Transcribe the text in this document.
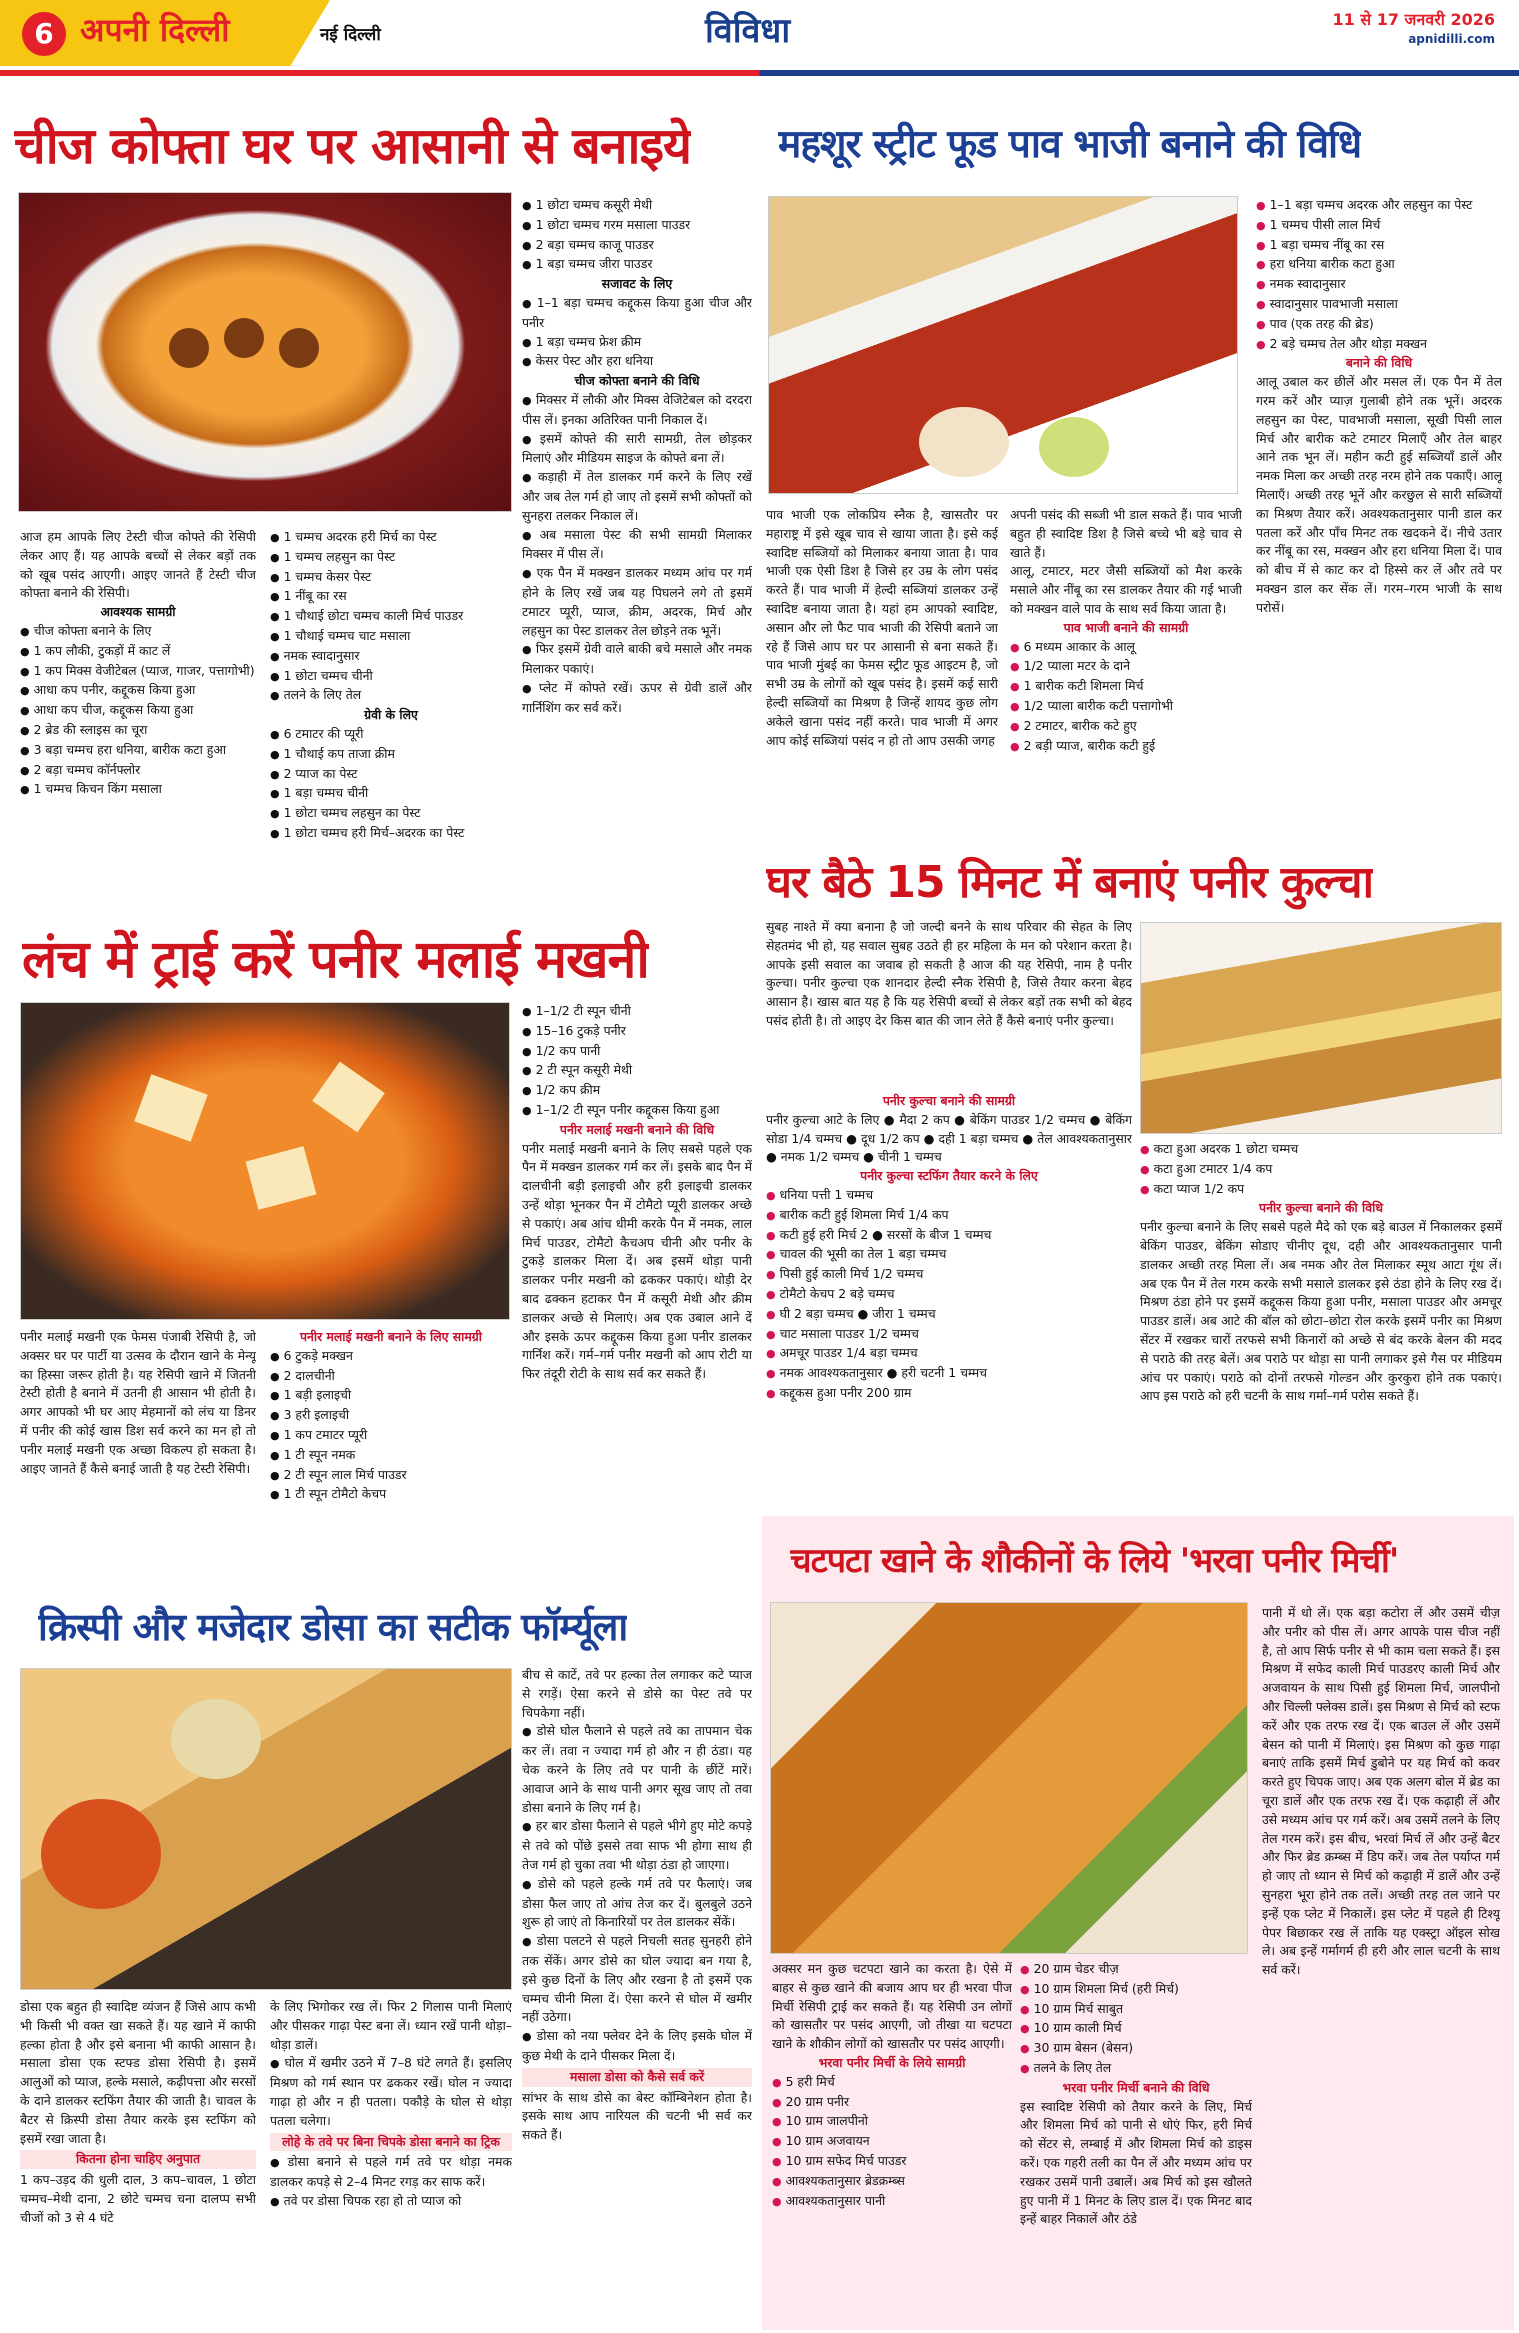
6 अपनी दिल्ली	नई दिल्ली	विविधा	11 से 17 जनवरी 2026
apnidilli.com
चीज कोफ्ता घर पर आसानी से बनाइये

आज हम आपके लिए टेस्टी चीज कोफ्ते की रेसिपी लेकर आए हैं। यह आपके बच्चों से लेकर बड़ों तक को खूब पसंद आएगी। आइए जानते हैं टेस्टी चीज कोफ्ता बनाने की रेसिपी।

आवश्यक सामग्री

● चीज कोफ्ता बनाने के लिए
● 1 कप लौकी, टुकड़ों में काट लें
● 1 कप मिक्स वेजीटेबल (प्याज, गाजर, पत्तागोभी)
● आधा कप पनीर, कद्दूकस किया हुआ
● आधा कप चीज, कद्दूकस किया हुआ
● 2 ब्रेड की स्लाइस का चूरा
● 3 बड़ा चम्मच हरा धनिया, बारीक कटा हुआ
● 2 बड़ा चम्मच कॉर्नफ्लोर
● 1 चम्मच किचन किंग मसाला
● 1 चम्मच अदरक हरी मिर्च का पेस्ट
● 1 चम्मच लहसुन का पेस्ट
● 1 चम्मच केसर पेस्ट
● 1 नींबू का रस
● 1 चौथाई छोटा चम्मच काली मिर्च पाउडर
● 1 चौथाई चम्मच चाट मसाला
● नमक स्वादानुसार
● 1 छोटा चम्मच चीनी
● तलने के लिए तेल

ग्रेवी के लिए

● 6 टमाटर की प्यूरी
● 1 चौथाई कप ताजा क्रीम
● 2 प्याज का पेस्ट
● 1 बड़ा चम्मच चीनी
● 1 छोटा चम्मच लहसुन का पेस्ट
● 1 छोटा चम्मच हरी मिर्च–अदरक का पेस्ट
● 1 छोटा चम्मच कसूरी मेथी
● 1 छोटा चम्मच गरम मसाला पाउडर
● 2 बड़ा चम्मच काजू पाउडर
● 1 बड़ा चम्मच जीरा पाउडर

सजावट के लिए

● 1–1 बड़ा चम्मच कद्दूकस किया हुआ चीज और पनीर
● 1 बड़ा चम्मच फ्रेश क्रीम
● केसर पेस्ट और हरा धनिया

चीज कोफ्ता बनाने की विधि

● मिक्सर में लौकी और मिक्स वेजिटेबल को दरदरा पीस लें। इनका अतिरिक्त पानी निकाल दें।
● इसमें कोफ्ते की सारी सामग्री, तेल छोड़कर मिलाएं और मीडियम साइज के कोफ्ते बना लें।
● कड़ाही में तेल डालकर गर्म करने के लिए रखें और जब तेल गर्म हो जाए तो इसमें सभी कोफ्तों को सुनहरा तलकर निकाल लें।
● अब मसाला पेस्ट की सभी सामग्री मिलाकर मिक्सर में पीस लें।
● एक पैन में मक्खन डालकर मध्यम आंच पर गर्म होने के लिए रखें जब यह पिघलने लगे तो इसमें टमाटर प्यूरी, प्याज, क्रीम, अदरक, मिर्च और लहसुन का पेस्ट डालकर तेल छोड़ने तक भूनें।
● फिर इसमें ग्रेवी वाले बाकी बचे मसाले और नमक मिलाकर पकाएं।
● प्लेट में कोफ्ते रखें। ऊपर से ग्रेवी डालें और गार्निशिंग कर सर्व करें।
महशूर स्ट्रीट फूड पाव भाजी बनाने की विधि

पाव भाजी एक लोकप्रिय स्नैक है, खासतौर पर महाराष्ट्र में इसे खूब चाव से खाया जाता है। इसे कई स्वादिष्ट सब्जियों को मिलाकर बनाया जाता है। पाव भाजी एक ऐसी डिश है जिसे हर उम्र के लोग पसंद करते हैं। पाव भाजी में हेल्दी सब्जियां डालकर उन्हें स्वादिष्ट बनाया जाता है। यहां हम आपको स्वादिष्ट, असान और लो फैट पाव भाजी की रेसिपी बताने जा रहे हैं जिसे आप घर पर आसानी से बना सकते हैं। पाव भाजी मुंबई का फेमस स्ट्रीट फूड आइटम है, जो सभी उम्र के लोगों को खूब पसंद है। इसमें कई सारी हेल्दी सब्जियों का मिश्रण है जिन्हें शायद कुछ लोग अकेले खाना पसंद नहीं करते। पाव भाजी में अगर आप कोई सब्जियां पसंद न हो तो आप उसकी जगह

अपनी पसंद की सब्जी भी डाल सकते हैं। पाव भाजी बहुत ही स्वादिष्ट डिश है जिसे बच्चे भी बड़े चाव से खाते हैं।

आलू, टमाटर, मटर जैसी सब्जियों को मैश करके मसाले और नींबू का रस डालकर तैयार की गई भाजी को मक्खन वाले पाव के साथ सर्व किया जाता है।

पाव भाजी बनाने की सामग्री

● 6 मध्यम आकार के आलू
● 1/2 प्याला मटर के दाने
● 1 बारीक कटी शिमला मिर्च
● 1/2 प्याला बारीक कटी पत्तागोभी
● 2 टमाटर, बारीक कटे हुए
● 2 बड़ी प्याज, बारीक कटी हुई
● 1–1 बड़ा चम्मच अदरक और लहसुन का पेस्ट
● 1 चम्मच पीसी लाल मिर्च
● 1 बड़ा चम्मच नींबू का रस
● हरा धनिया बारीक कटा हुआ
● नमक स्वादानुसार
● स्वादानुसार पावभाजी मसाला
● पाव (एक तरह की ब्रेड)
● 2 बड़े चम्मच तेल और थोड़ा मक्खन

बनाने की विधि

आलू उबाल कर छीलें और मसल लें। एक पैन में तेल गरम करें और प्याज़ गुलाबी होने तक भूनें। अदरक लहसुन का पेस्ट, पावभाजी मसाला, सूखी पिसी लाल मिर्च और बारीक कटे टमाटर मिलाएँ और तेल बाहर आने तक भून लें। महीन कटी हुई सब्जियाँ डालें और नमक मिला कर अच्छी तरह नरम होने तक पकाएँ। आलू मिलाएँ। अच्छी तरह भूनें और करछुल से सारी सब्जियों का मिश्रण तैयार करें। अवश्यकतानुसार पानी डाल कर पतला करें और पाँच मिनट तक खदकने दें। नीचे उतार कर नींबू का रस, मक्खन और हरा धनिया मिला दें। पाव को बीच में से काट कर दो हिस्से कर लें और तवे पर मक्खन डाल कर सेंक लें। गरम–गरम भाजी के साथ परोसें।

लंच में ट्राई करें पनीर मलाई मखनी

पनीर मलाई मखनी एक फेमस पंजाबी रेसिपी है, जो अक्सर घर पर पार्टी या उत्सव के दौरान खाने के मेन्यू का हिस्सा जरूर होती है। यह रेसिपी खाने में जितनी टेस्टी होती है बनाने में उतनी ही आसान भी होती है। अगर आपको भी घर आए मेहमानों को लंच या डिनर में पनीर की कोई खास डिश सर्व करने का मन हो तो पनीर मलाई मखनी एक अच्छा विकल्प हो सकता है। आइए जानते हैं कैसे बनाई जाती है यह टेस्टी रेसिपी।

पनीर मलाई मखनी बनाने के लिए सामग्री

● 6 टुकड़े मक्खन
● 2 दालचीनी
● 1 बड़ी इलाइची
● 3 हरी इलाइची
● 1 कप टमाटर प्यूरी
● 1 टी स्पून नमक
● 2 टी स्पून लाल मिर्च पाउडर
● 1 टी स्पून टोमैटो केचप
● 1–1/2 टी स्पून चीनी
● 15–16 टुकड़े पनीर
● 1/2 कप पानी
● 2 टी स्पून कसूरी मेथी
● 1/2 कप क्रीम
● 1–1/2 टी स्पून पनीर कद्दूकस किया हुआ

पनीर मलाई मखनी बनाने की विधि

पनीर मलाई मखनी बनाने के लिए सबसे पहले एक पैन में मक्खन डालकर गर्म कर लें। इसके बाद पैन में दालचीनी बड़ी इलाइची और हरी इलाइची डालकर उन्हें थोड़ा भूनकर पैन में टोमैटो प्यूरी डालकर अच्छे से पकाएं। अब आंच धीमी करके पैन में नमक, लाल मिर्च पाउडर, टोमैटो कैचअप चीनी और पनीर के टुकड़े डालकर मिला दें। अब इसमें थोड़ा पानी डालकर पनीर मखनी को ढककर पकाएं। थोड़ी देर बाद ढक्कन हटाकर पैन में कसूरी मेथी और क्रीम डालकर अच्छे से मिलाएं। अब एक उबाल आने दें और इसके ऊपर कद्दूकस किया हुआ पनीर डालकर गार्निश करें। गर्म–गर्म पनीर मखनी को आप रोटी या फिर तंदूरी रोटी के साथ सर्व कर सकते हैं।

घर बैठे 15 मिनट में बनाएं पनीर कुल्चा

सुबह नाश्ते में क्या बनाना है जो जल्दी बनने के साथ परिवार की सेहत के लिए सेहतमंद भी हो, यह सवाल सुबह उठते ही हर महिला के मन को परेशान करता है। आपके इसी सवाल का जवाब हो सकती है आज की यह रेसिपी, नाम है पनीर कुल्चा। पनीर कुल्चा एक शानदार हेल्दी स्नैक रेसिपी है, जिसे तैयार करना बेहद आसान है। खास बात यह है कि यह रेसिपी बच्चों से लेकर बड़ों तक सभी को बेहद पसंद होती है। तो आइए देर किस बात की जान लेते हैं कैसे बनाएं पनीर कुल्चा।

पनीर कुल्चा बनाने की सामग्री

पनीर कुल्चा आटे के लिए ● मैदा 2 कप ● बेकिंग पाउडर 1/2 चम्मच ● बेकिंग सोडा 1/4 चम्मच ● दूध 1/2 कप ● दही 1 बड़ा चम्मच ● तेल आवश्यकतानुसार ● नमक 1/2 चम्मच ● चीनी 1 चम्मच

पनीर कुल्चा स्टफिंग तैयार करने के लिए

● धनिया पत्ती 1 चम्मच
● बारीक कटी हुई शिमला मिर्च 1/4 कप
● कटी हुई हरी मिर्च 2 ● सरसों के बीज 1 चम्मच
● चावल की भूसी का तेल 1 बड़ा चम्मच
● पिसी हुई काली मिर्च 1/2 चम्मच
● टोमैटो केचप 2 बड़े चम्मच
● घी 2 बड़ा चम्मच ● जीरा 1 चम्मच
● चाट मसाला पाउडर 1/2 चम्मच
● अमचूर पाउडर 1/4 बड़ा चम्मच
● नमक आवश्यकतानुसार ● हरी चटनी 1 चम्मच
● कद्दूकस हुआ पनीर 200 ग्राम
● कटा हुआ अदरक 1 छोटा चम्मच
● कटा हुआ टमाटर 1/4 कप
● कटा प्याज 1/2 कप

पनीर कुल्चा बनाने की विधि

पनीर कुल्चा बनाने के लिए सबसे पहले मैदे को एक बड़े बाउल में निकालकर इसमें बेकिंग पाउडर, बेकिंग सोडाए चीनीए दूध, दही और आवश्यकतानुसार पानी डालकर अच्छी तरह मिला लें। अब नमक और तेल मिलाकर स्मूथ आटा गूंथ लें। अब एक पैन में तेल गरम करके सभी मसाले डालकर इसे ठंडा होने के लिए रख दें। मिश्रण ठंडा होने पर इसमें कद्दूकस किया हुआ पनीर, मसाला पाउडर और अमचूर पाउडर डालें। अब आटे की बॉल को छोटा–छोटा रोल करके इसमें पनीर का मिश्रण सेंटर में रखकर चारों तरफसे सभी किनारों को अच्छे से बंद करके बेलन की मदद से पराठे की तरह बेलें। अब पराठे पर थोड़ा सा पानी लगाकर इसे गैस पर मीडियम आंच पर पकाएं। पराठे को दोनों तरफसे गोल्डन और कुरकुरा होने तक पकाएं। आप इस पराठे को हरी चटनी के साथ गर्मा–गर्म परोस सकते हैं।

क्रिस्पी और मजेदार डोसा का सटीक फॉर्म्यूला

डोसा एक बहुत ही स्वादिष्ट व्यंजन हैं जिसे आप कभी भी किसी भी वक्त खा सकते हैं। यह खाने में काफी हल्का होता है और इसे बनाना भी काफी आसान है। मसाला डोसा एक स्टफ्ड डोसा रेसिपी है। इसमें आलुओं को प्याज, हल्के मसाले, कढ़ीपत्ता और सरसों के दाने डालकर स्टफिंग तैयार की जाती है। चावल के बैटर से क्रिस्पी डोसा तैयार करके इस स्टफिंग को इसमें रखा जाता है।

कितना होना चाहिए अनुपात

1 कप–उड़द की धुली दाल, 3 कप–चावल, 1 छोटा चम्मच–मेथी दाना, 2 छोटे चम्मच चना दालप्प सभी चीजों को 3 से 4 घंटे

के लिए भिगोकर रख लें। फिर 2 गिलास पानी मिलाएं और पीसकर गाढ़ा पेस्ट बना लें। ध्यान रखें पानी थोड़ा–थोड़ा डालें।

● घोल में खमीर उठने में 7–8 घंटे लगते हैं। इसलिए मिश्रण को गर्म स्थान पर ढककर रखें। घोल न ज्यादा गाढ़ा हो और न ही पतला। पकौड़े के घोल से थोड़ा पतला चलेगा।

लोहे के तवे पर बिना चिपके डोसा बनाने का ट्रिक

● डोसा बनाने से पहले गर्म तवे पर थोड़ा नमक डालकर कपड़े से 2–4 मिनट रगड़ कर साफ करें।
● तवे पर डोसा चिपक रहा हो तो प्याज को

बीच से काटें, तवे पर हल्का तेल लगाकर कटे प्याज से रगड़ें। ऐसा करने से डोसे का पेस्ट तवे पर चिपकेगा नहीं।

● डोसे घोल फैलाने से पहले तवे का तापमान चेक कर लें। तवा न ज्यादा गर्म हो और न ही ठंडा। यह चेक करने के लिए तवे पर पानी के छींटें मारें। आवाज आने के साथ पानी अगर सूख जाए तो तवा डोसा बनाने के लिए गर्म है।
● हर बार डोसा फैलाने से पहले भीगे हुए मोटे कपड़े से तवे को पोंछे इससे तवा साफ भी होगा साथ ही तेज गर्म हो चुका तवा भी थोड़ा ठंडा हो जाएगा।
● डोसे को पहले हल्के गर्म तवे पर फैलाएं। जब डोसा फैल जाए तो आंच तेज कर दें। बुलबुले उठने शुरू हो जाएं तो किनारियों पर तेल डालकर सेंकें।
● डोसा पलटने से पहले निचली सतह सुनहरी होने तक सेंकें। अगर डोसे का घोल ज्यादा बन गया है, इसे कुछ दिनों के लिए और रखना है तो इसमें एक चम्मच चीनी मिला दें। ऐसा करने से घोल में खमीर नहीं उठेगा।
● डोसा को नया फ्लेवर देने के लिए इसके घोल में कुछ मेथी के दाने पीसकर मिला दें।

मसाला डोसा को कैसे सर्व करें

सांभर के साथ डोसे का बेस्ट कॉम्बिनेशन होता है। इसके साथ आप नारियल की चटनी भी सर्व कर सकते हैं।

चटपटा खाने के शौकीनों के लिये 'भरवा पनीर मिर्ची'

अक्सर मन कुछ चटपटा खाने का करता है। ऐसे में बाहर से कुछ खाने की बजाय आप घर ही भरवा पीज मिर्ची रेसिपी ट्राई कर सकते हैं। यह रेसिपी उन लोगों को खासतौर पर पसंद आएगी, जो तीखा या चटपटा खाने के शौकीन लोगों को खासतौर पर पसंद आएगी।

भरवा पनीर मिर्ची के लिये सामग्री

● 5 हरी मिर्च
● 20 ग्राम पनीर
● 10 ग्राम जालपीनो
● 10 ग्राम अजवायन
● 10 ग्राम सफेद मिर्च पाउडर
● आवश्यकतानुसार ब्रेडक्रम्ब्स
● आवश्यकतानुसार पानी
● 20 ग्राम चेडर चीज़
● 10 ग्राम शिमला मिर्च (हरी मिर्च)
● 10 ग्राम मिर्च साबुत
● 10 ग्राम काली मिर्च
● 30 ग्राम बेसन (बेसन)
● तलने के लिए तेल

भरवा पनीर मिर्ची बनाने की विधि

इस स्वादिष्ट रेसिपी को तैयार करने के लिए, मिर्च और शिमला मिर्च को पानी से धोएं फिर, हरी मिर्च को सेंटर से, लम्बाई में और शिमला मिर्च को डाइस करें। एक गहरी तली का पैन लें और मध्यम आंच पर रखकर उसमें पानी उबालें। अब मिर्च को इस खौलते हुए पानी में 1 मिनट के लिए डाल दें। एक मिनट बाद इन्हें बाहर निकालें और ठंडे

पानी में धो लें। एक बड़ा कटोरा लें और उसमें चीज़ और पनीर को पीस लें। अगर आपके पास चीज नहीं है, तो आप सिर्फ पनीर से भी काम चला सकते हैं। इस मिश्रण में सफेद काली मिर्च पाउडरए काली मिर्च और अजवायन के साथ पिसी हुई शिमला मिर्च, जालपीनो और चिल्ली फ्लेक्स डालें। इस मिश्रण से मिर्च को स्टफ करें और एक तरफ रख दें। एक बाउल लें और उसमें बेसन को पानी में मिलाएं। इस मिश्रण को कुछ गाढ़ा बनाएं ताकि इसमें मिर्च डुबोने पर यह मिर्च को कवर करते हुए चिपक जाए। अब एक अलग बोल में ब्रेड का चूरा डालें और एक तरफ रख दें। एक कढ़ाही लें और उसे मध्यम आंच पर गर्म करें। अब उसमें तलने के लिए तेल गरम करें। इस बीच, भरवां मिर्च लें और उन्हें बैटर और फिर ब्रेड क्रम्ब्स में डिप करें। जब तेल पर्याप्त गर्म हो जाए तो ध्यान से मिर्च को कढ़ाही में डालें और उन्हें सुनहरा भूरा होने तक तलें। अच्छी तरह तल जाने पर इन्हें एक प्लेट में निकालें। इस प्लेट में पहले ही टिश्यू पेपर बिछाकर रख लें ताकि यह एक्स्ट्रा ऑइल सोख ले। अब इन्हें गर्मागर्म ही हरी और लाल चटनी के साथ सर्व करें।
